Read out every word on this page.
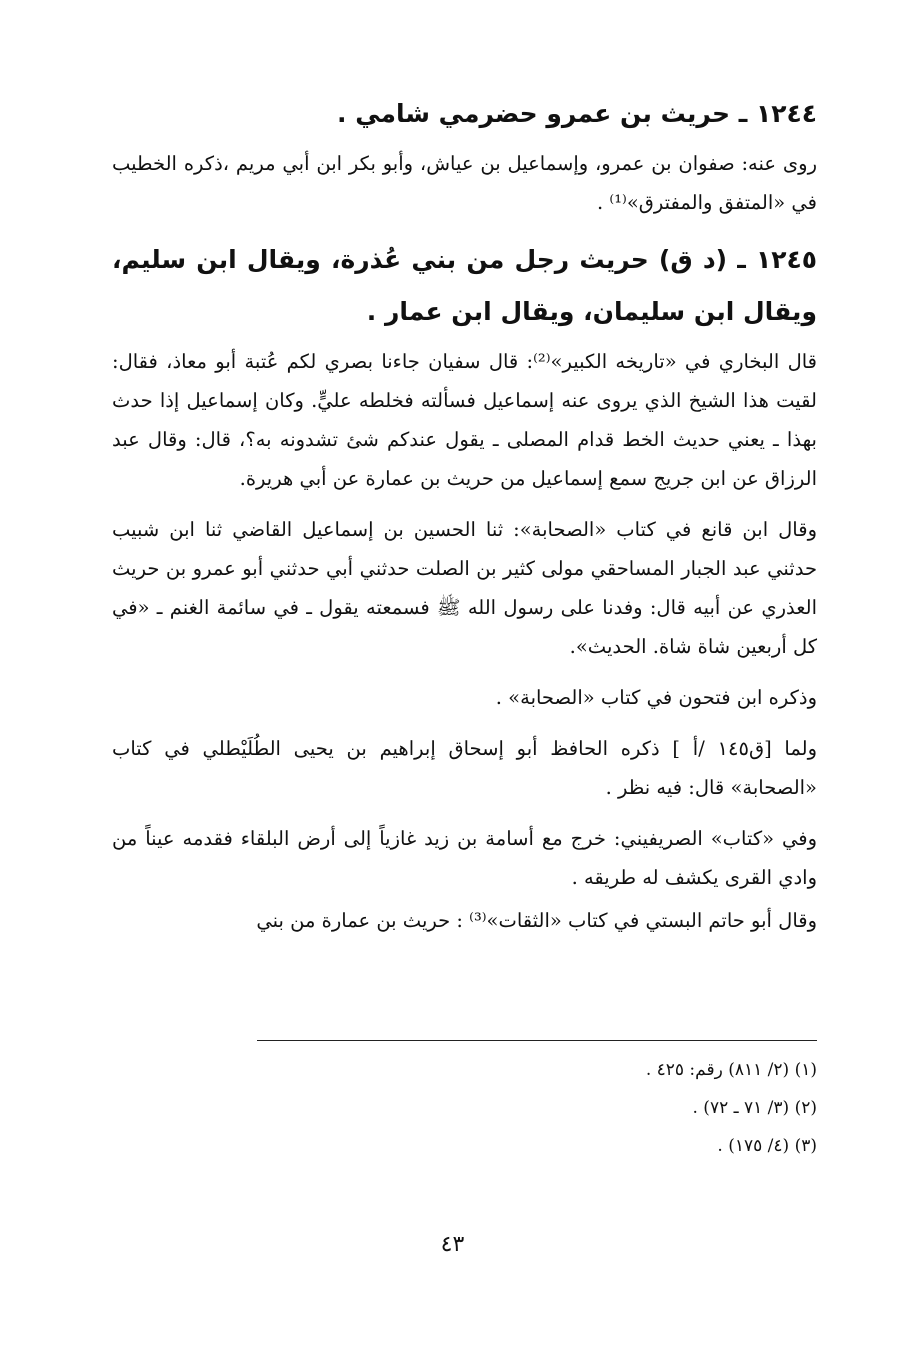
١٢٤٤ ـ حريث بن عمرو حضرمي شامي .
روى عنه: صفوان بن عمرو، وإسماعيل بن عياش، وأبو بكر ابن أبي مريم ،ذكره الخطيب في «المتفق والمفترق»⁽¹⁾ .
١٢٤٥ ـ (د ق) حريث رجل من بني عُذرة، ويقال ابن سليم، ويقال ابن سليمان، ويقال ابن عمار .
قال البخاري في «تاريخه الكبير»⁽²⁾: قال سفيان جاءنا بصري لكم عُتبة أبو معاذ، فقال: لقيت هذا الشيخ الذي يروى عنه إسماعيل فسألته فخلطه عليٍّ. وكان إسماعيل إذا حدث بهذا ـ يعني حديث الخط قدام المصلى ـ يقول عندكم شئ تشدونه به؟، قال: وقال عبد الرزاق عن ابن جريج سمع إسماعيل من حريث بن عمارة عن أبي هريرة.
وقال ابن قانع في كتاب «الصحابة»: ثنا الحسين بن إسماعيل القاضي ثنا ابن شبيب حدثني عبد الجبار المساحقي مولى كثير بن الصلت حدثني أبي حدثني أبو عمرو بن حريث العذري عن أبيه قال: وفدنا على رسول الله ﷺ فسمعته يقول ـ في سائمة الغنم ـ «في كل أربعين شاة شاة. الحديث».
وذكره ابن فتحون في كتاب «الصحابة» .
ولما [ق١٤٥ /أ ] ذكره الحافظ أبو إسحاق إبراهيم بن يحيى الطُلَيْطلي في كتاب «الصحابة» قال: فيه نظر .
وفي «كتاب» الصريفيني: خرج مع أسامة بن زيد غازياً إلى أرض البلقاء فقدمه عيناً من وادي القرى يكشف له طريقه .
وقال أبو حاتم البستي في كتاب «الثقات»⁽³⁾ : حريث بن عمارة من بني
(١) (٢/ ٨١١) رقم: ٤٢٥ .
(٢) (٣/ ٧١ ـ ٧٢) .
(٣) (٤/ ١٧٥) .
٤٣
